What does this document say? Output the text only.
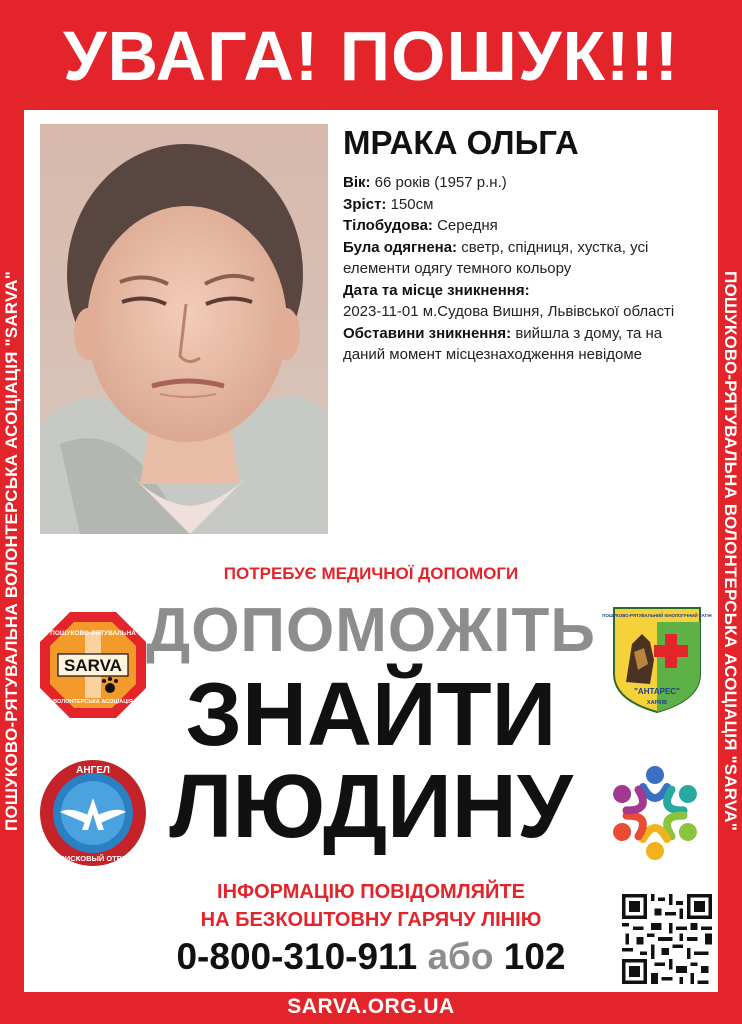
УВАГА! ПОШУК!!!
ПОШУКОВО-РЯТУВАЛЬНА ВОЛОНТЕРСЬКА АСОЦІАЦІЯ "SARVA"	ПОШУКОВО-РЯТУВАЛЬНА ВОЛОНТЕРСЬКА АСОЦІАЦІЯ "SARVA"
МРАКА ОЛЬГА

Вік: 66 років (1957 р.н.)

Зріст: 150см

Тілобудова: Середня

Була одягнена: светр, спідниця, хустка, усі елементи одягу темного кольору

Дата та місце зникнення:
2023-11-01 м.Судова Вишня, Львівської області

Обставини зникнення: вийшла з дому, та на даний момент місцезнаходження невідоме

ПОТРЕБУЄ МЕДИЧНОЇ ДОПОМОГИ
ДОПОМОЖІТЬ
ЗНАЙТИ
ЛЮДИНУ
SARVA
ПОШУКОВО-РЯТУВАЛЬНА
ВОЛОНТЕРСЬКА АСОЦІАЦІЯ
ПОШУКОВО-РЯТУВАЛЬНИЙ КІНОЛОГІЧНИЙ ЗАГІН
"АНТАРЕС"
ХАРКІВ
АНГЕЛ
ПОИСКОВЫЙ ОТРЯД
ІНФОРМАЦІЮ ПОВІДОМЛЯЙТЕ
НА БЕЗКОШТОВНУ ГАРЯЧУ ЛІНІЮ
0-800-310-911 або 102
SARVA.ORG.UA
